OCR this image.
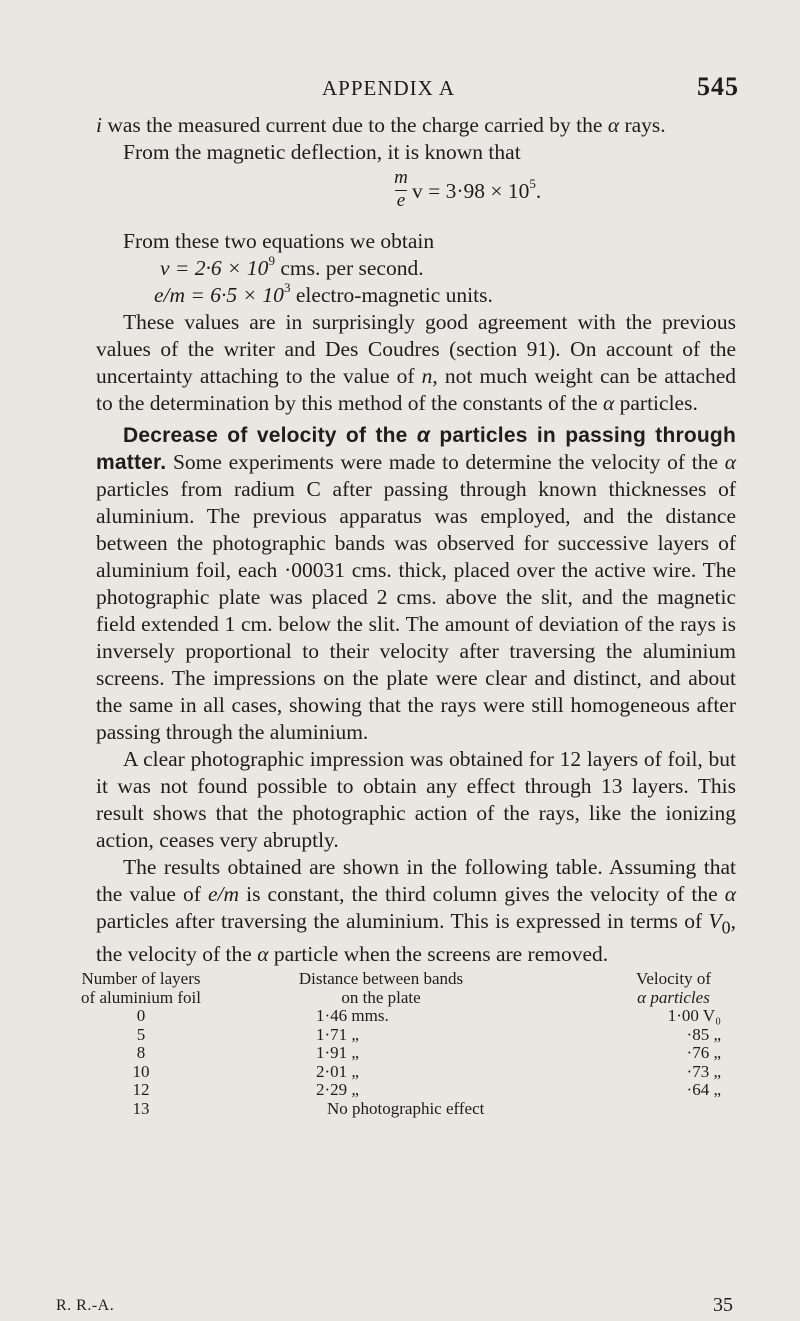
APPENDIX A	545

i was the measured current due to the charge carried by the α rays.

From the magnetic deflection, it is known that

m
e $v = 3\cdot 98 \times 10^5$.

From these two equations we obtain

$v = 2\cdot 6 \times 10^9$ cms. per second.

$e/m = 6\cdot 5 \times 10^3$ electro-magnetic units.

These values are in surprisingly good agreement with the previous values of the writer and Des Coudres (section 91). On account of the uncertainty attaching to the value of n, not much weight can be attached to the determination by this method of the constants of the α particles.

Decrease of velocity of the α particles in passing through matter. Some experiments were made to determine the velocity of the α particles from radium C after passing through known thicknesses of aluminium. The previous apparatus was employed, and the distance between the photographic bands was observed for successive layers of aluminium foil, each ·00031 cms. thick, placed over the active wire. The photographic plate was placed 2 cms. above the slit, and the magnetic field extended 1 cm. below the slit. The amount of deviation of the rays is inversely proportional to their velocity after traversing the aluminium screens. The impressions on the plate were clear and distinct, and about the same in all cases, showing that the rays were still homogeneous after passing through the aluminium.

A clear photographic impression was obtained for 12 layers of foil, but it was not found possible to obtain any effect through 13 layers. This result shows that the photographic action of the rays, like the ionizing action, ceases very abruptly.

The results obtained are shown in the following table. Assuming that the value of e/m is constant, the third column gives the velocity of the α particles after traversing the aluminium. This is expressed in terms of $V_0$, the velocity of the α particle when the screens are removed.

Number of layers
of aluminium foil
0
5
8
10
12
13
Distance between bands
on the plate
1·46 mms.
1·71 „
1·91 „
2·01 „
2·29 „
Velocity of
α particles
1·00 V₀
·85 „
·76 „
·73 „
·64 „
No photographic effect
R. R.-A.	35
